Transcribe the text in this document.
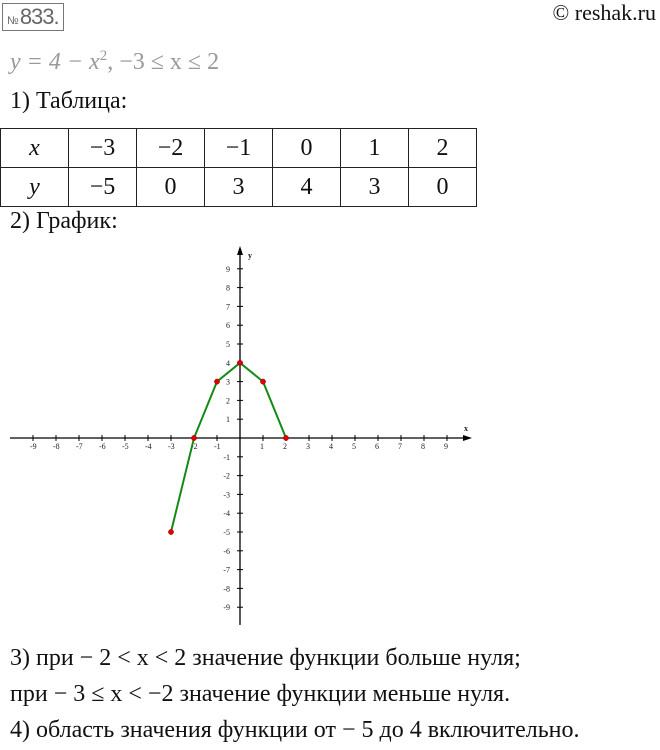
№833.	© reshak.ru
$y = 4 - x^2$, −3 ≤ x ≤ 2
1) Таблица:
x	−3	−2	−1	0	1	2
y	−5	0	3	4	3	0
2) График:
x
y
-9
-9
-8
-8
-7
-7
-6
-6
-5
-5
-4
-4
-3
-3
-2
-2
-1
-1
1
1
2
2
3
3
4
4
5
5
6
6
7
7
8
8
9
9
3) при − 2 < x < 2 значение функции больше нуля;
при − 3 ≤ x < −2 значение функции меньше нуля.
4) область значения функции от − 5 до 4 включительно.
